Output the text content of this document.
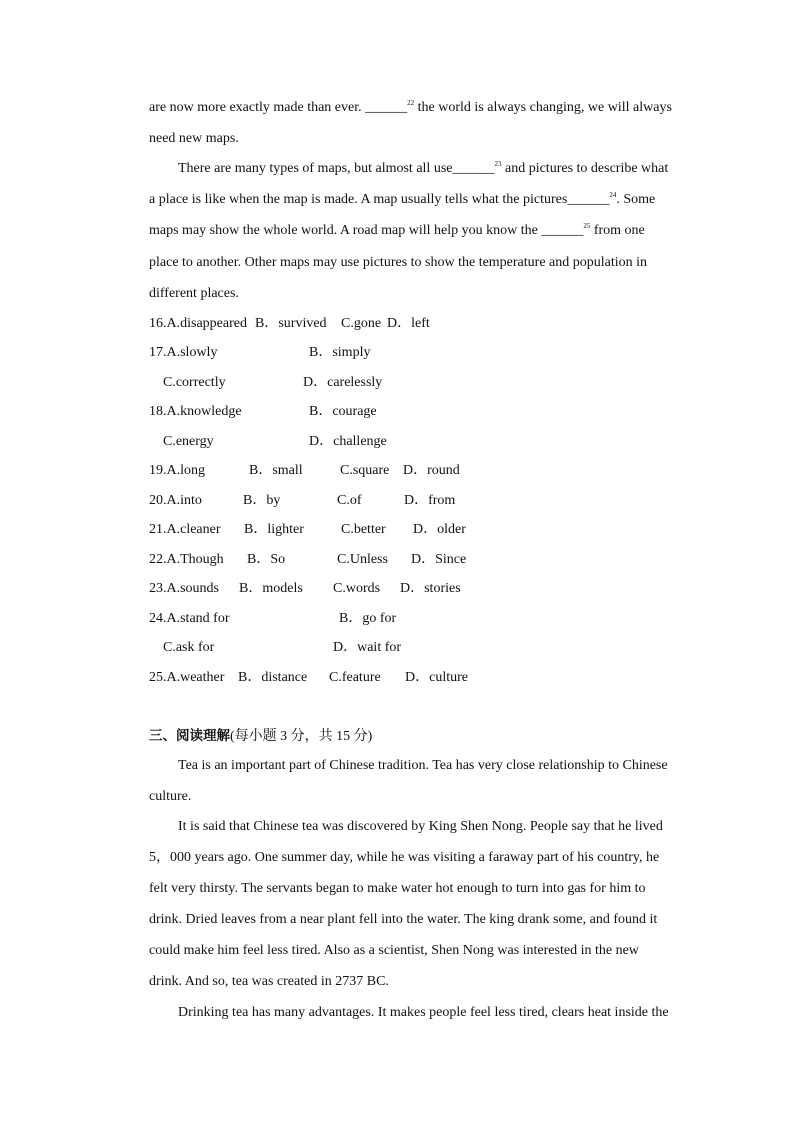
are now more exactly made than ever. ______$^{22}$ the world is always changing, we will always
need new maps.
There are many types of maps, but almost all use______$^{23}$ and pictures to describe what
a place is like when the map is made. A map usually tells what the pictures______$^{24}$. Some
maps may show the whole world. A road map will help you know the ______$^{25}$ from one
place to another. Other maps may use pictures to show the temperature and population in
different places.
16.A.disappeared B．survived C.gone D．left
17.A.slowly	B．simply
C.correctly	D．carelessly
18.A.knowledge	B．courage
C.energy	D．challenge
19.A.long	B．small	C.square D．round
20.A.into	B．by	C.of	D．from
21.A.cleaner B．lighter	C.better D．older
22.A.Though B．So	C.Unless D．Since
23.A.sounds B．models C.words D．stories
24.A.stand for	B．go for
C.ask for	D．wait for
25.A.weather B．distance C.feature D．culture
三、阅读理解(每小题 3 分，共 15 分)
Tea is an important part of Chinese tradition. Tea has very close relationship to Chinese
culture.
It is said that Chinese tea was discovered by King Shen Nong. People say that he lived
5，000 years ago. One summer day, while he was visiting a faraway part of his country, he
felt very thirsty. The servants began to make water hot enough to turn into gas for him to
drink. Dried leaves from a near plant fell into the water. The king drank some, and found it
could make him feel less tired. Also as a scientist, Shen Nong was interested in the new
drink. And so, tea was created in 2737 BC.
Drinking tea has many advantages. It makes people feel less tired, clears heat inside the
